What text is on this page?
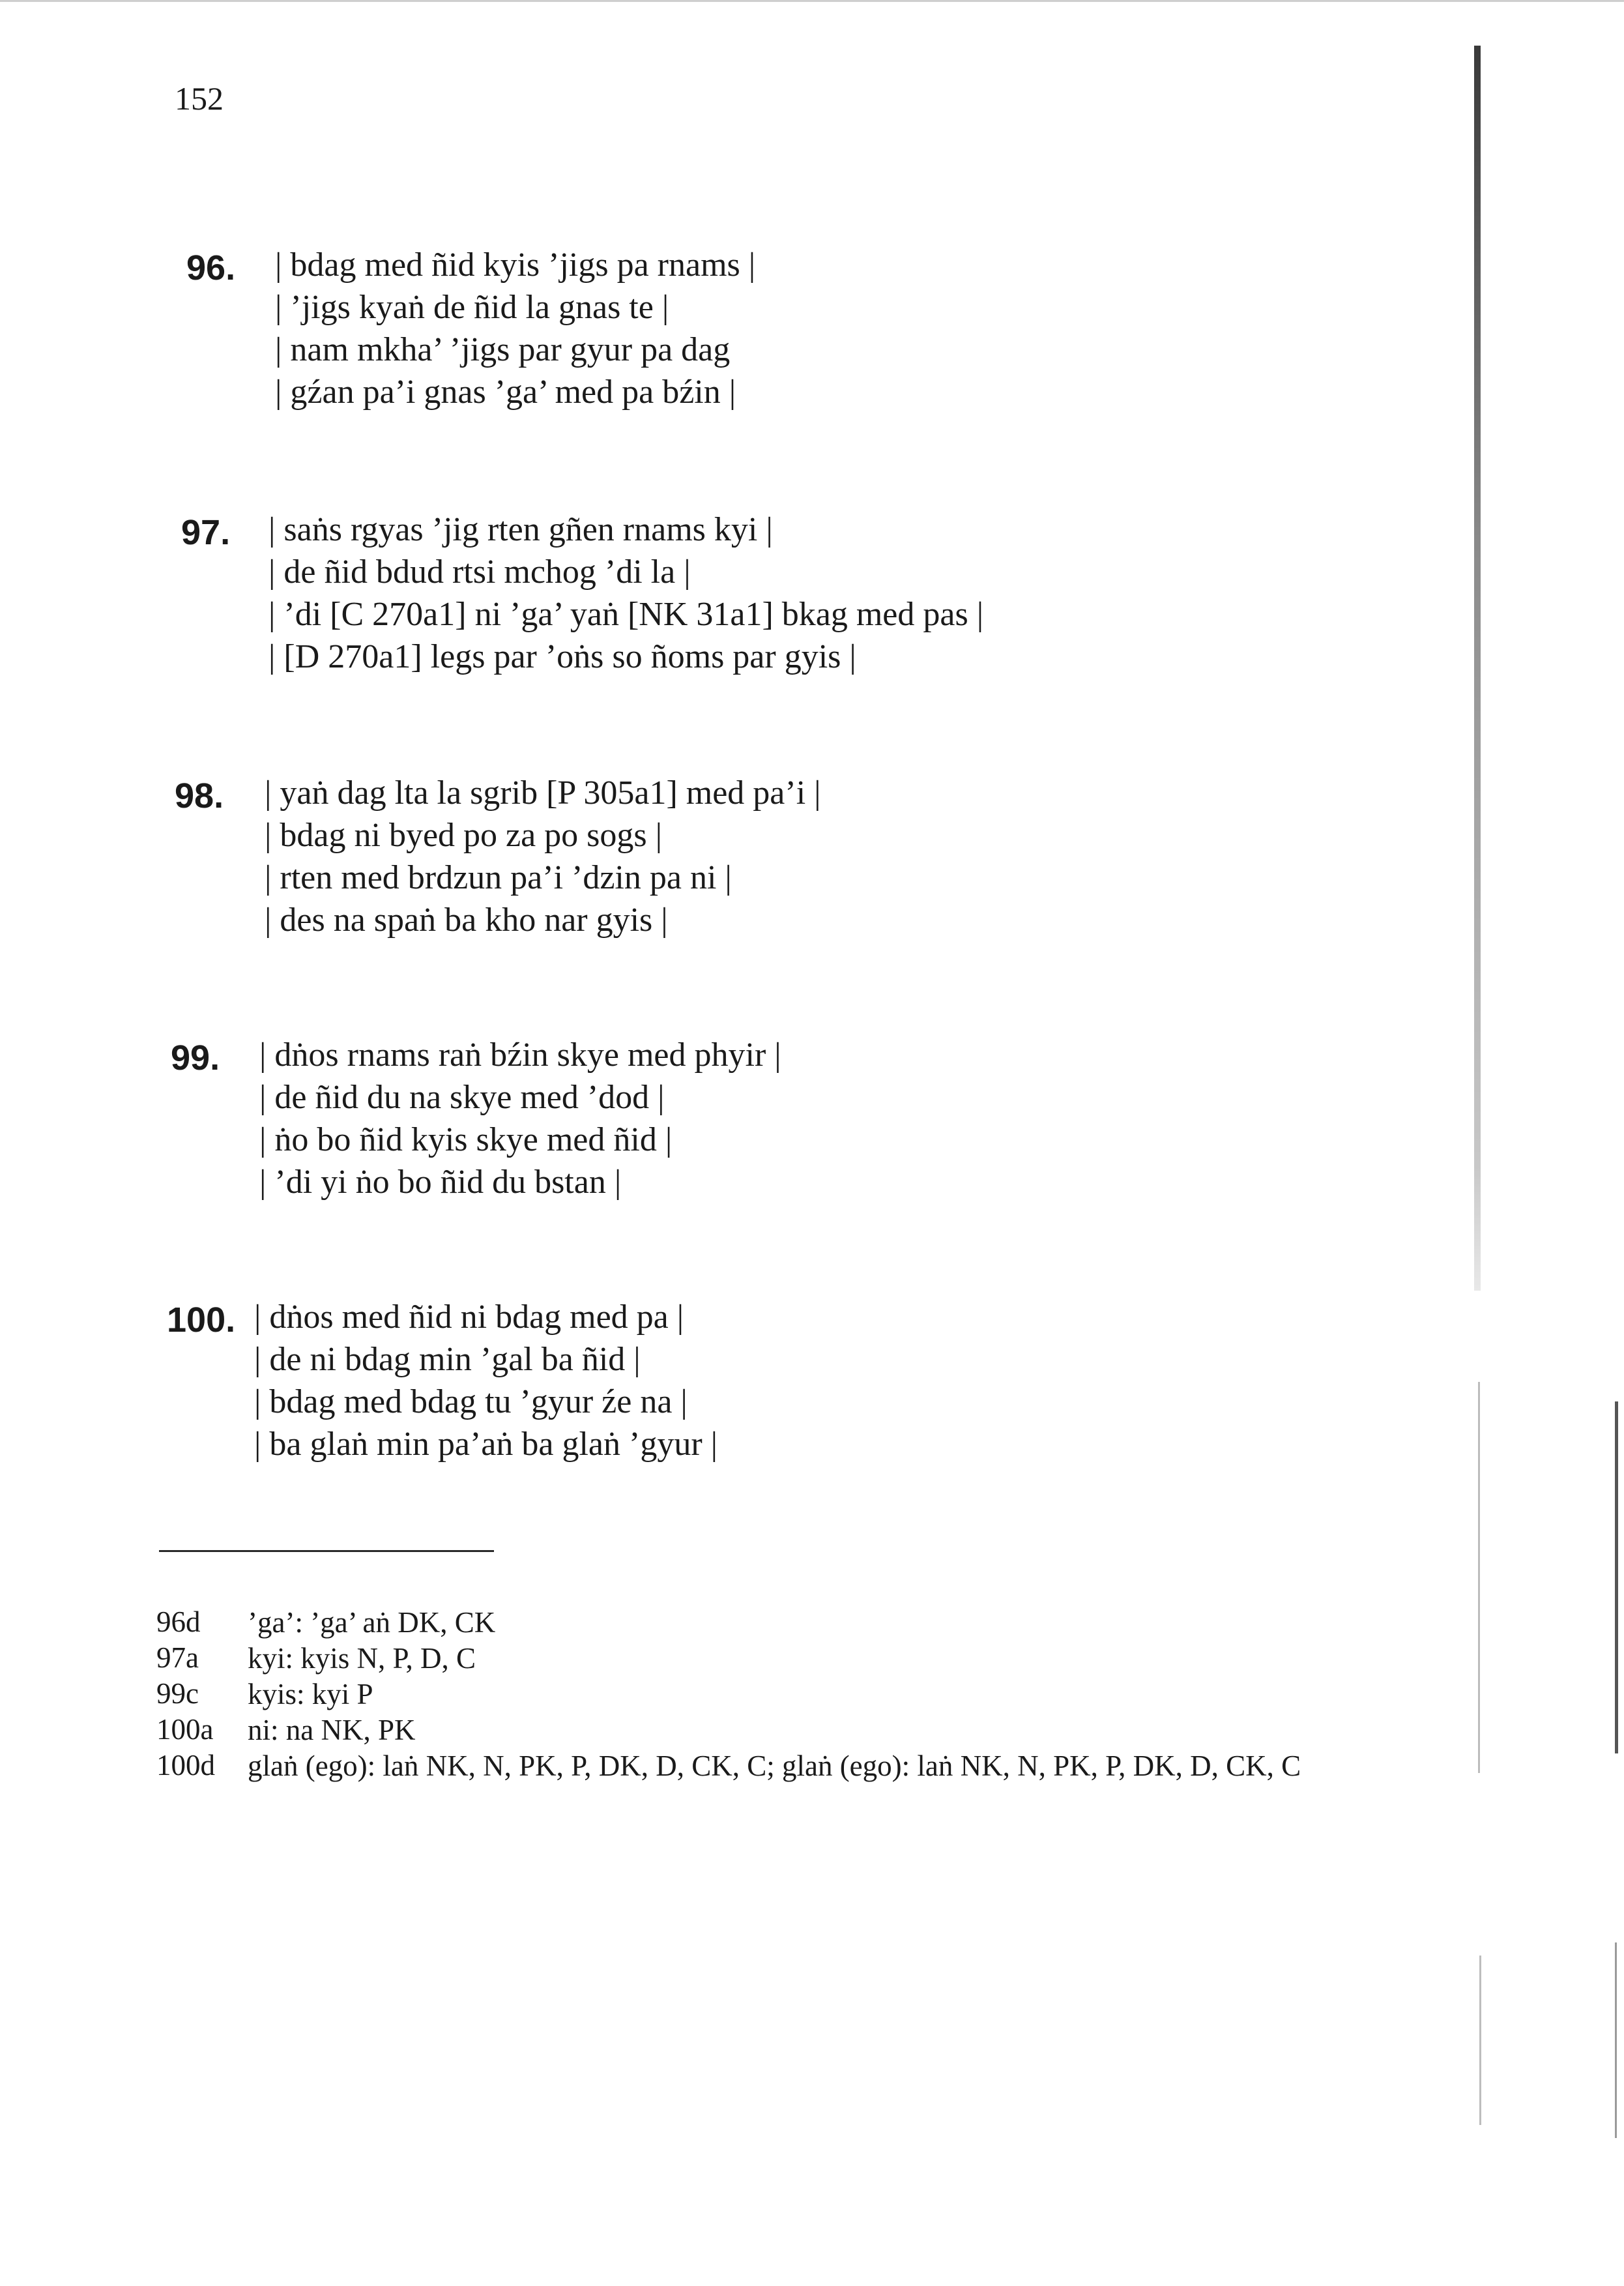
152
96. | bdag med ñid kyis ’jigs pa rnams |
| ’jigs kyaṅ de ñid la gnas te |
| nam mkha’ ’jigs par gyur pa dag
| gźan pa’i gnas ’ga’ med pa bźin |
97. | saṅs rgyas ’jig rten gñen rnams kyi |
| de ñid bdud rtsi mchog ’di la |
| ’di [C 270a1] ni ’ga’ yaṅ [NK 31a1] bkag med pas |
| [D 270a1] legs par ’oṅs so ñoms par gyis |
98. | yaṅ dag lta la sgrib [P 305a1] med pa’i |
| bdag ni byed po za po sogs |
| rten med brdzun pa’i ’dzin pa ni |
| des na spaṅ ba kho nar gyis |
99. | dṅos rnams raṅ bźin skye med phyir |
| de ñid du na skye med ’dod |
| ṅo bo ñid kyis skye med ñid |
| ’di yi ṅo bo ñid du bstan |
100. | dṅos med ñid ni bdag med pa |
| de ni bdag min ’gal ba ñid |
| bdag med bdag tu ’gyur źe na |
| ba glaṅ min pa’aṅ ba glaṅ ’gyur |
96d ’ga’: ’ga’ aṅ DK, CK
97a kyi: kyis N, P, D, C
99c kyis: kyi P
100a ni: na NK, PK
100d glaṅ (ego): laṅ NK, N, PK, P, DK, D, CK, C; glaṅ (ego): laṅ NK, N, PK, P, DK, D, CK, C
